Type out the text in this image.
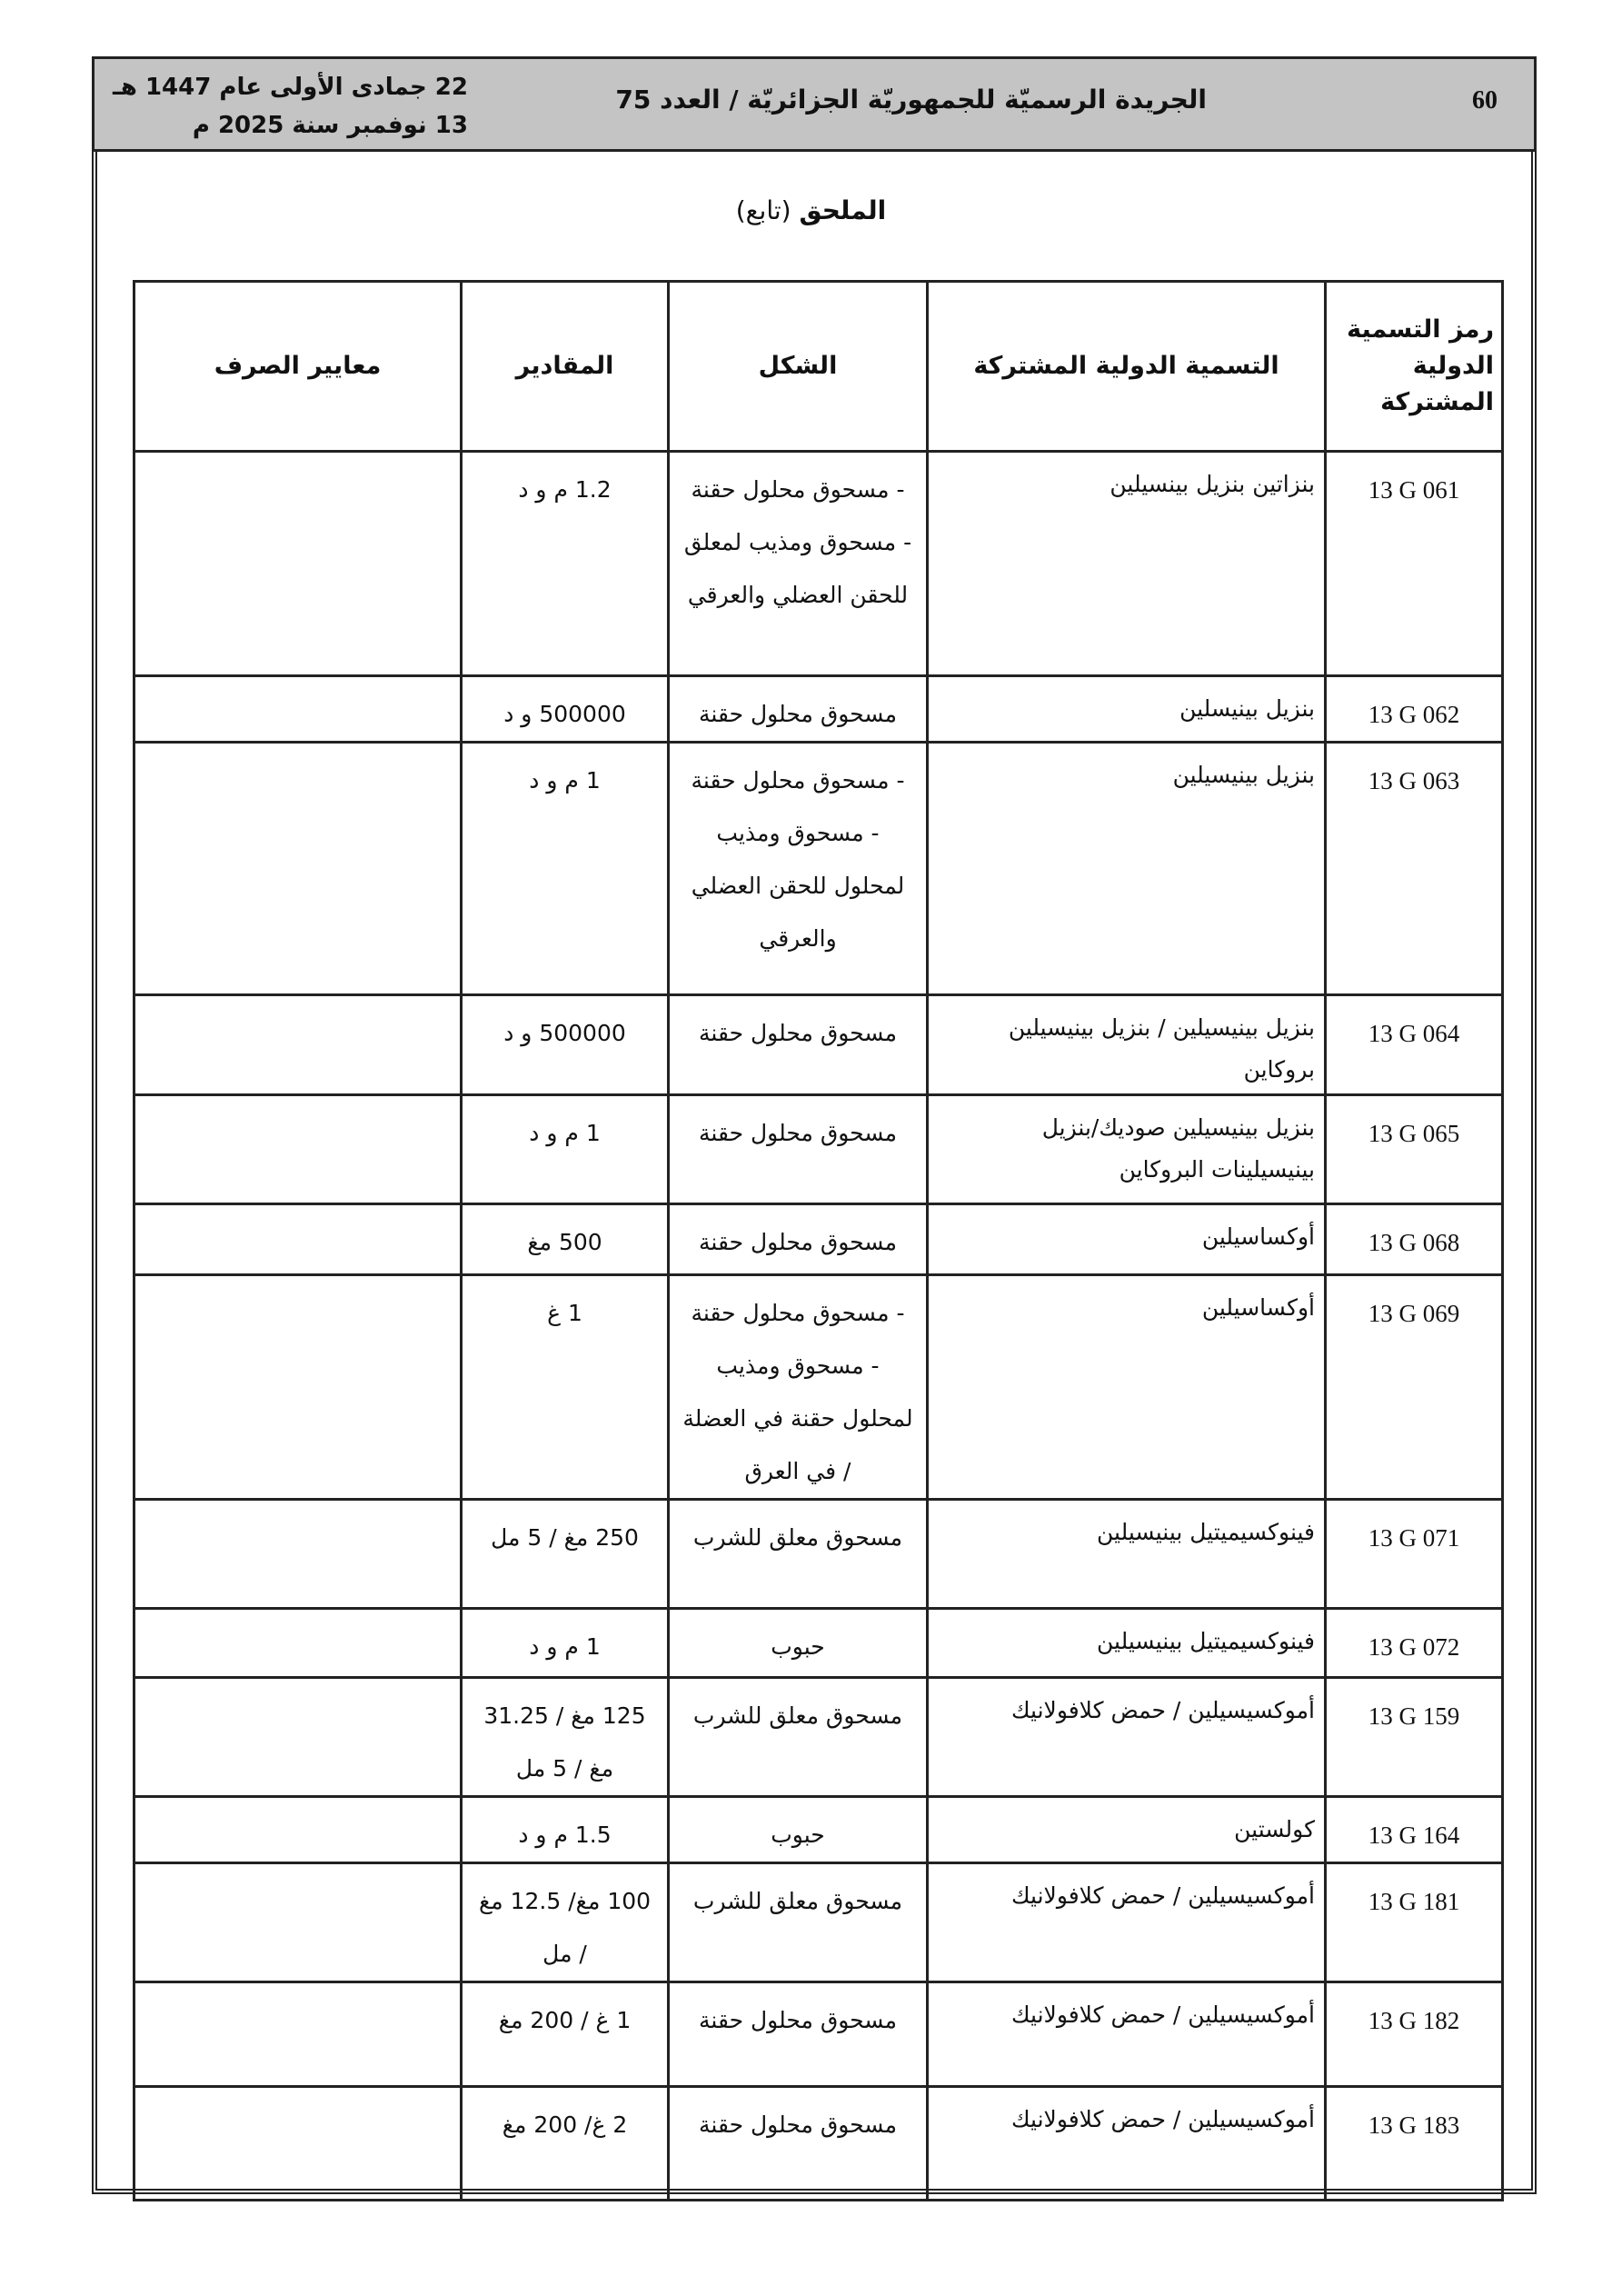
60
الجريدة الرسميّة للجمهوريّة الجزائريّة / العدد 75
22 جمادى الأولى عام 1447 هـ
13 نوفمبر سنة 2025 م
الملحق (تابع)
رمز التسمية الدولية المشتركة	التسمية الدولية المشتركة	الشكل	المقادير	معايير الصرف
13 G 061	بنزاتين بنزيل بينسيلين	- مسحوق محلول حقنة
- مسحوق ومذيب لمعلق للحقن العضلي والعرقي	1.2 م و د	
13 G 062	بنزيل بينيسلين	مسحوق محلول حقنة	500000 و د	
13 G 063	بنزيل بينيسيلين	- مسحوق محلول حقنة
- مسحوق ومذيب لمحلول للحقن العضلي والعرقي	1 م و د	
13 G 064	بنزيل بينيسيلين / بنزيل بينيسيلين بروكاين	مسحوق محلول حقنة	500000 و د	
13 G 065	بنزيل بينيسيلين صوديك/بنزيل بينيسيلينات البروكاين	مسحوق محلول حقنة	1 م و د	
13 G 068	أوكساسيلين	مسحوق محلول حقنة	500 مغ	
13 G 069	أوكساسيلين	- مسحوق محلول حقنة
- مسحوق ومذيب لمحلول حقنة في العضلة / في العرق	1 غ	
13 G 071	فينوكسيميتيل بينيسيلين	مسحوق معلق للشرب	250 مغ / 5 مل	
13 G 072	فينوكسيميتيل بينيسيلين	حبوب	1 م و د	
13 G 159	أموكسيسيلين / حمض كلافولانيك	مسحوق معلق للشرب	125 مغ / 31.25 مغ / 5 مل	
13 G 164	كولستين	حبوب	1.5 م و د	
13 G 181	أموكسيسيلين / حمض كلافولانيك	مسحوق معلق للشرب	100 مغ/ 12.5 مغ / مل	
13 G 182	أموكسيسيلين / حمض كلافولانيك	مسحوق محلول حقنة	1 غ / 200 مغ	
13 G 183	أموكسيسيلين / حمض كلافولانيك	مسحوق محلول حقنة	2 غ/ 200 مغ	
